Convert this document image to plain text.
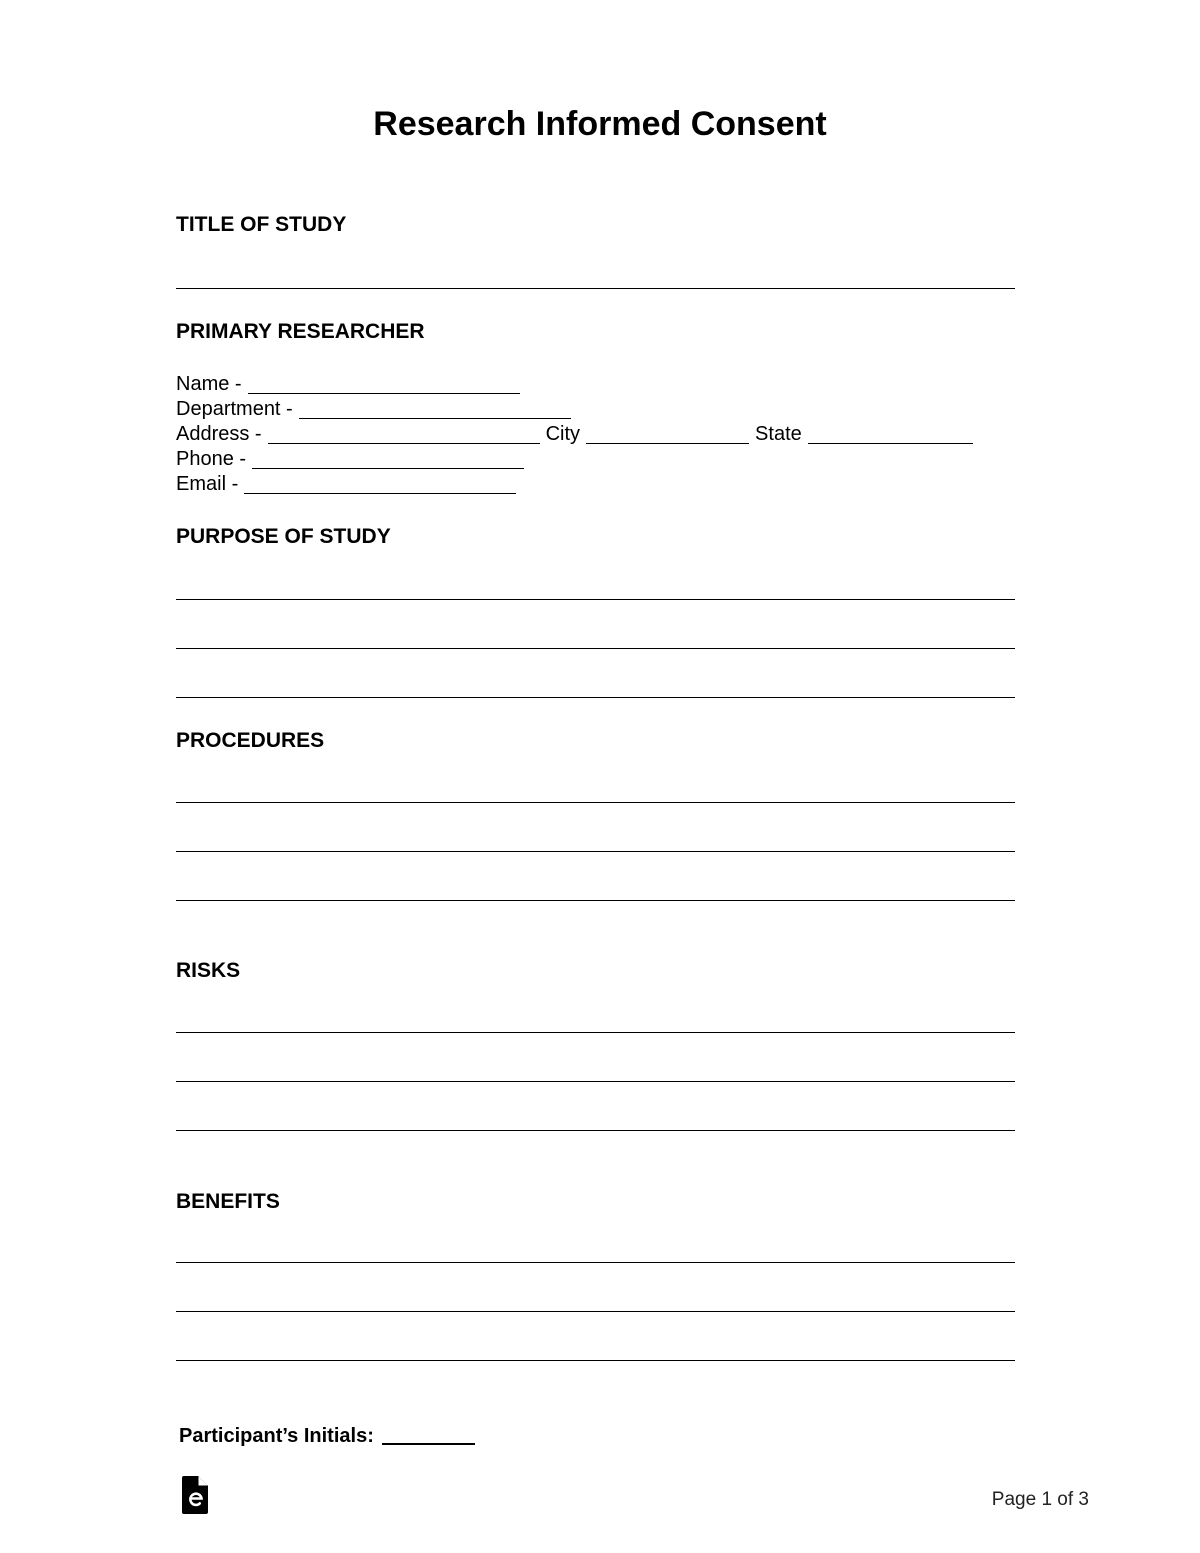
Research Informed Consent
TITLE OF STUDY
PRIMARY RESEARCHER
Name -
Department -
Address -	City	State
Phone -
Email -
PURPOSE OF STUDY
PROCEDURES
RISKS
BENEFITS
Participant’s Initials:
Page 1 of 3
